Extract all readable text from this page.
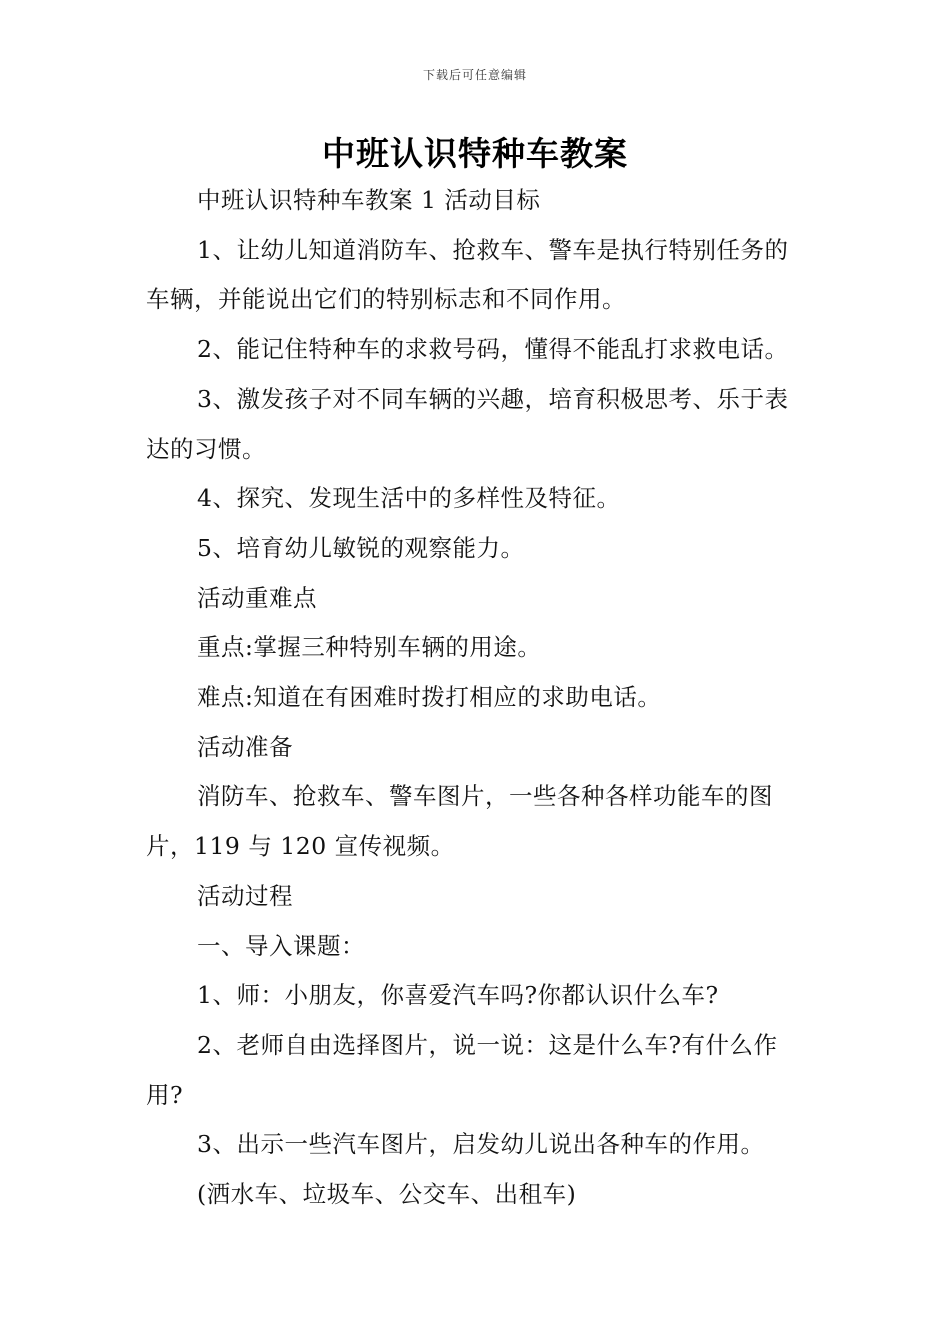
下载后可任意编辑
中班认识特种车教案

中班认识特种车教案 1 活动目标

1、让幼儿知道消防车、抢救车、警车是执行特别任务的车辆，并能说出它们的特别标志和不同作用。

2、能记住特种车的求救号码，懂得不能乱打求救电话。

3、激发孩子对不同车辆的兴趣，培育积极思考、乐于表达的习惯。

4、探究、发现生活中的多样性及特征。

5、培育幼儿敏锐的观察能力。

活动重难点

重点:掌握三种特别车辆的用途。

难点:知道在有困难时拨打相应的求助电话。

活动准备

消防车、抢救车、警车图片，一些各种各样功能车的图片，119 与 120 宣传视频。

活动过程

一、导入课题：

1、师：小朋友，你喜爱汽车吗?你都认识什么车?

2、老师自由选择图片，说一说：这是什么车?有什么作用?

3、出示一些汽车图片，启发幼儿说出各种车的作用。

(洒水车、垃圾车、公交车、出租车)
